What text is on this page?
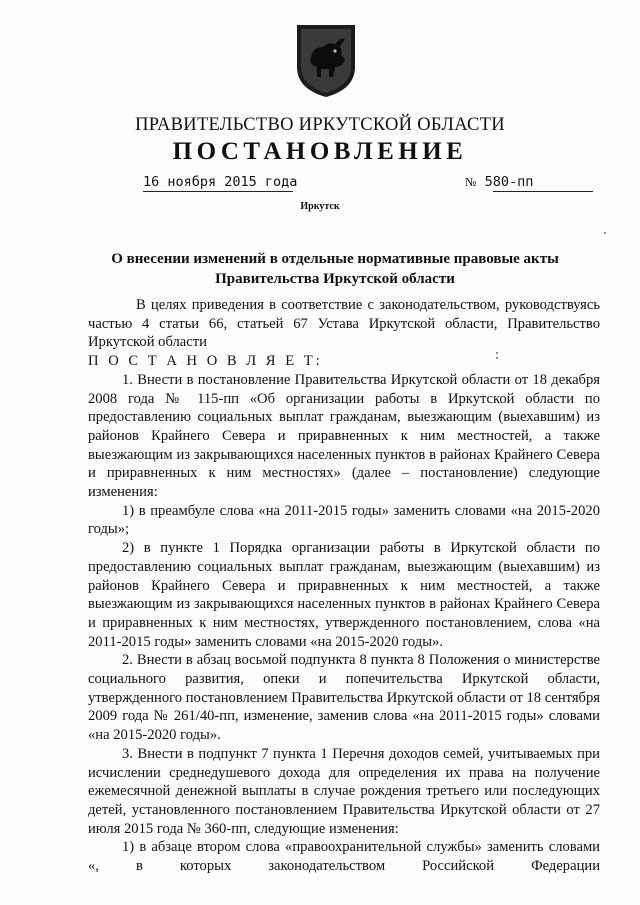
ПРАВИТЕЛЬСТВО ИРКУТСКОЙ ОБЛАСТИ
ПОСТАНОВЛЕНИЕ
16 ноября 2015 года	№ 580-пп
Иркутск
О внесении изменений в отдельные нормативные правовые акты
Правительства Иркутской области

В целях приведения в соответствие с законодательством, руководствуясь частью 4 статьи 66, статьей 67 Устава Иркутской области, Правительство Иркутской области

П О С Т А Н О В Л Я Е Т:

1. Внести в постановление Правительства Иркутской области от 18 декабря 2008 года № 115-пп «Об организации работы в Иркутской области по предоставлению социальных выплат гражданам, выезжающим (выехавшим) из районов Крайнего Севера и приравненных к ним местностей, а также выезжающим из закрывающихся населенных пунктов в районах Крайнего Севера и приравненных к ним местностях» (далее – постановление) следующие изменения:

1) в преамбуле слова «на 2011-2015 годы» заменить словами «на 2015-2020 годы»;

2) в пункте 1 Порядка организации работы в Иркутской области по предоставлению социальных выплат гражданам, выезжающим (выехавшим) из районов Крайнего Севера и приравненных к ним местностей, а также выезжающим из закрывающихся населенных пунктов в районах Крайнего Севера и приравненных к ним местностях, утвержденного постановлением, слова «на 2011-2015 годы» заменить словами «на 2015-2020 годы».

2. Внести в абзац восьмой подпункта 8 пункта 8 Положения о министерстве социального развития, опеки и попечительства Иркутской области, утвержденного постановлением Правительства Иркутской области от 18 сентября 2009 года № 261/40-пп, изменение, заменив слова «на 2011-2015 годы» словами «на 2015-2020 годы».

3. Внести в подпункт 7 пункта 1 Перечня доходов семей, учитываемых при исчислении среднедушевого дохода для определения их права на получение ежемесячной денежной выплаты в случае рождения третьего или последующих детей, установленного постановлением Правительства Иркутской области от 27 июля 2015 года № 360-пп, следующие изменения:

1) в абзаце втором слова «правоохранительной службы» заменить словами «, в которых законодательством Российской Федерации
